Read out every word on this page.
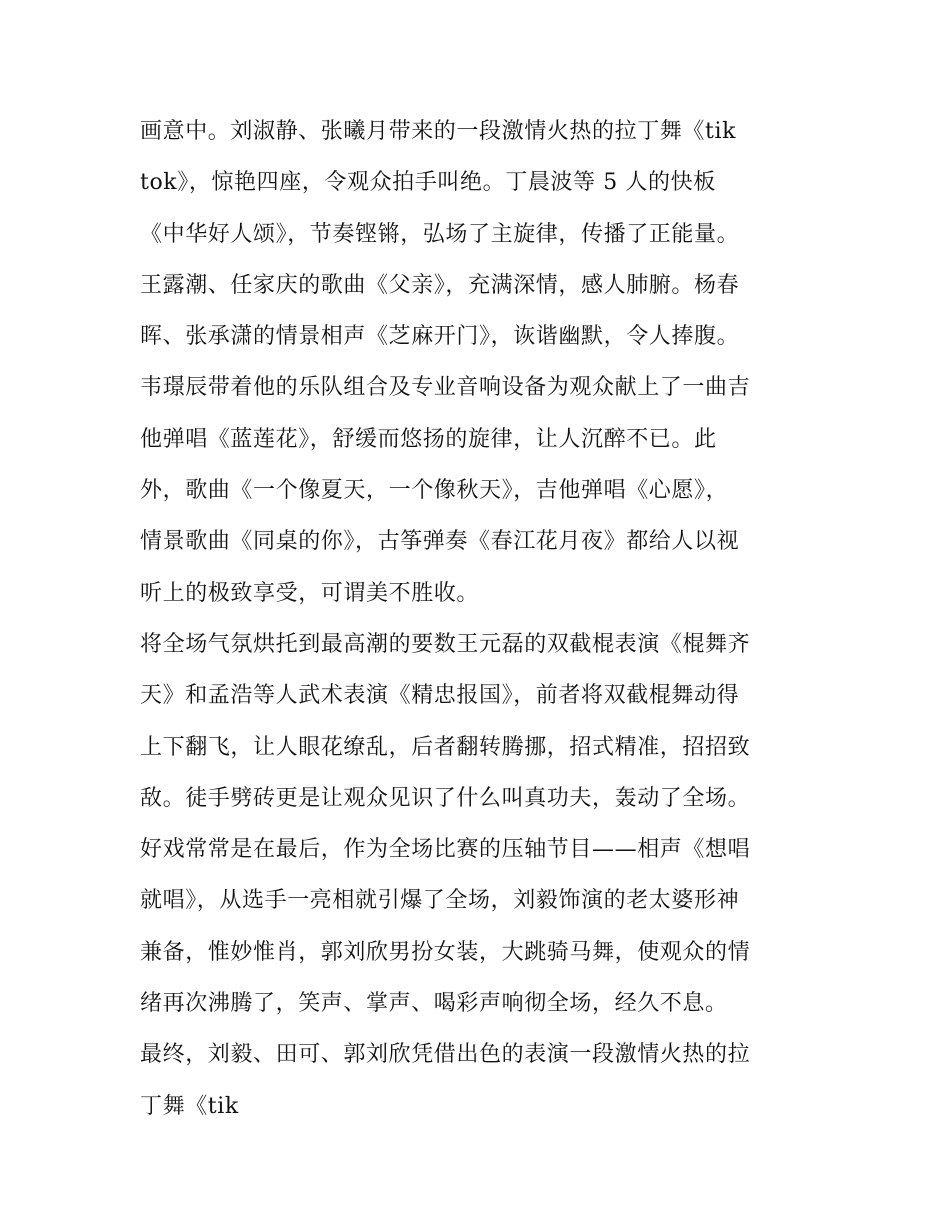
画意中。刘淑静、张曦月带来的一段激情火热的拉丁舞《tik
tok》，惊艳四座，令观众拍手叫绝。丁晨波等 5 人的快板
《中华好人颂》，节奏铿锵，弘场了主旋律，传播了正能量。
王露潮、任家庆的歌曲《父亲》，充满深情，感人肺腑。杨春
晖、张承潇的情景相声《芝麻开门》，诙谐幽默，令人捧腹。
韦璟辰带着他的乐队组合及专业音响设备为观众献上了一曲吉
他弹唱《蓝莲花》，舒缓而悠扬的旋律，让人沉醉不已。此
外，歌曲《一个像夏天，一个像秋天》，吉他弹唱《心愿》，
情景歌曲《同桌的你》，古筝弹奏《春江花月夜》都给人以视
听上的极致享受，可谓美不胜收。
将全场气氛烘托到最高潮的要数王元磊的双截棍表演《棍舞齐
天》和孟浩等人武术表演《精忠报国》，前者将双截棍舞动得
上下翻飞，让人眼花缭乱，后者翻转腾挪，招式精准，招招致
敌。徒手劈砖更是让观众见识了什么叫真功夫，轰动了全场。
好戏常常是在最后，作为全场比赛的压轴节目——相声《想唱
就唱》，从选手一亮相就引爆了全场，刘毅饰演的老太婆形神
兼备，惟妙惟肖，郭刘欣男扮女装，大跳骑马舞，使观众的情
绪再次沸腾了，笑声、掌声、喝彩声响彻全场，经久不息。
最终，刘毅、田可、郭刘欣凭借出色的表演一段激情火热的拉
丁舞《tik
